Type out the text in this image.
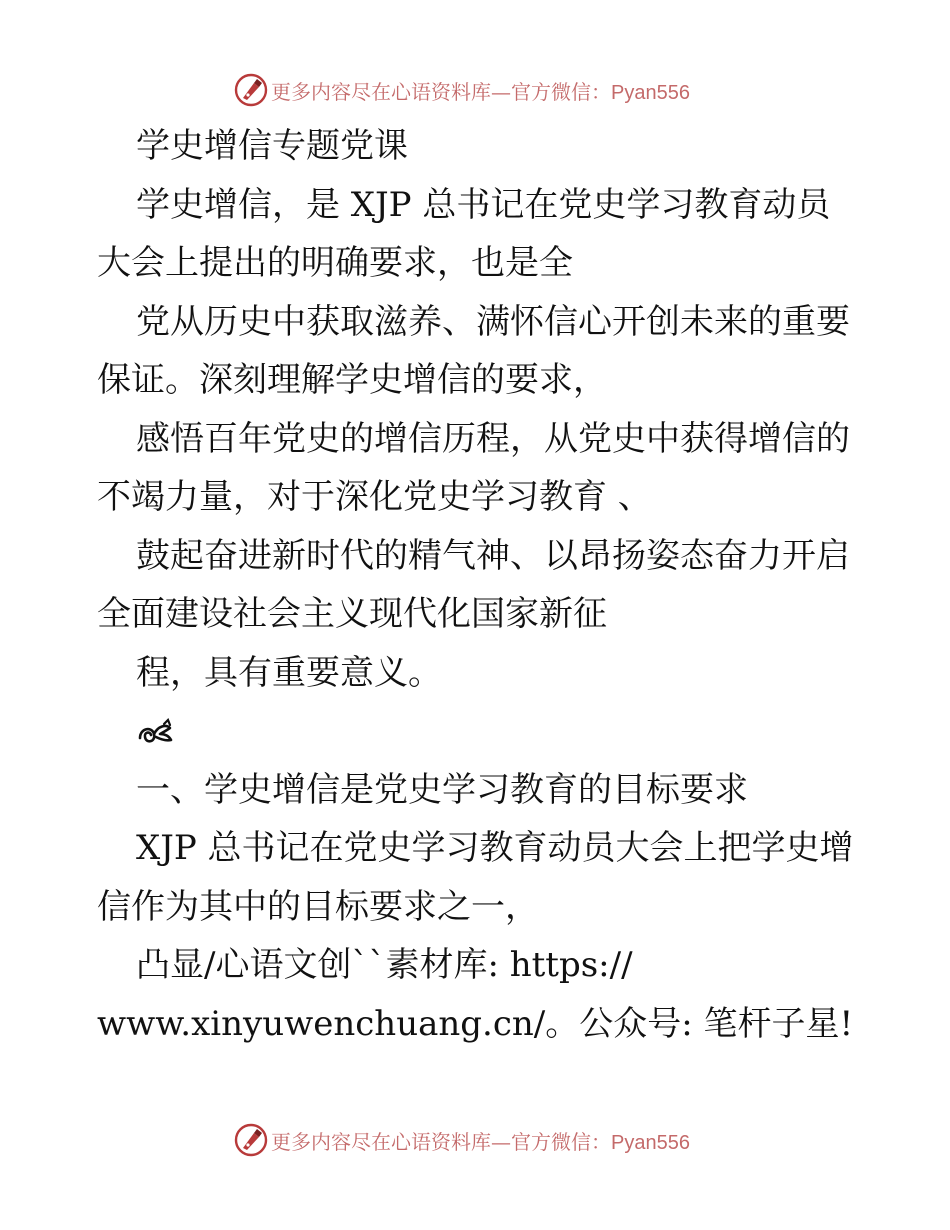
更多内容尽在心语资料库—官方微信：Pyan556
学史增信专题党课
学史增信，是 XJP 总书记在党史学习教育动员
大会上提出的明确要求，也是全
党从历史中获取滋养、满怀信心开创未来的重要
保证。深刻理解学史增信的要求，
感悟百年党史的增信历程，从党史中获得增信的
不竭力量，对于深化党史学习教育 、
鼓起奋进新时代的精气神、以昂扬姿态奋力开启
全面建设社会主义现代化国家新征
程，具有重要意义。
一、学史增信是党史学习教育的目标要求
XJP 总书记在党史学习教育动员大会上把学史增
信作为其中的目标要求之一，
凸显/心语文创``素材库: https://
www.xinyuwenchuang.cn/。公众号: 笔杆子星!
更多内容尽在心语资料库—官方微信：Pyan556
